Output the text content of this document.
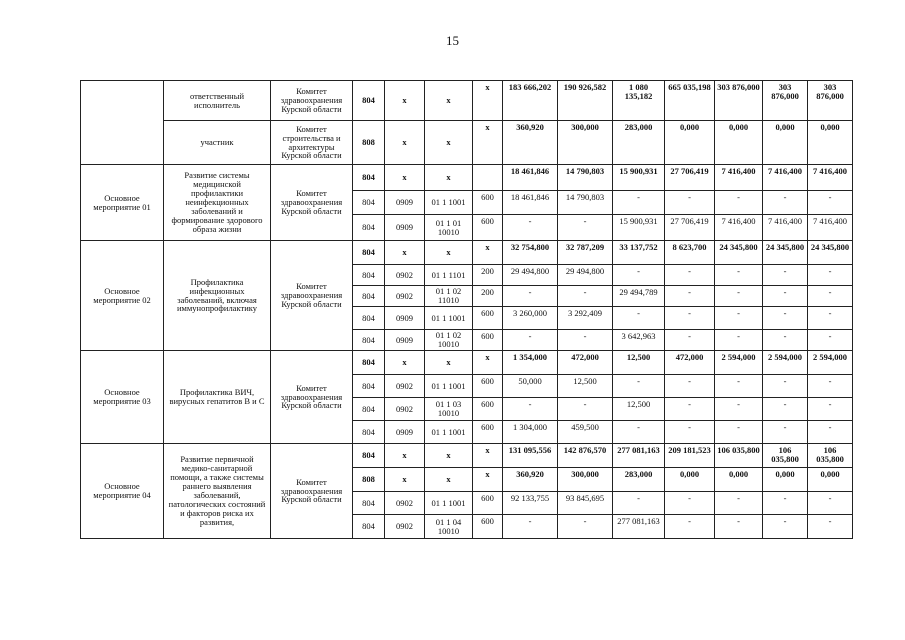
15
	ответственный исполнитель	Комитет здравоохранения Курской области	804	х	х	х	183 666,202	190 926,582	1 080 135,182	665 035,198	303 876,000	303 876,000	303 876,000
	участник	Комитет строительства и архитектуры Курской области	808	х	х	х	360,920	300,000	283,000	0,000	0,000	0,000	0,000
Основное мероприятие 01	Развитие системы медицинской профилактики неинфекционных заболеваний и формирование здорового образа жизни	Комитет здравоохранения Курской области	804	х	х		18 461,846	14 790,803	15 900,931	27 706,419	7 416,400	7 416,400	7 416,400
			804	0909	01 1 1001	600	18 461,846	14 790,803	-	-	-	-	-
			804	0909	01 1 01 10010	600	-	-	15 900,931	27 706,419	7 416,400	7 416,400	7 416,400
Основное мероприятие 02	Профилактика инфекционных заболеваний, включая иммунопрофилактику	Комитет здравоохранения Курской области	804	х	х	х	32 754,800	32 787,209	33 137,752	8 623,700	24 345,800	24 345,800	24 345,800
			804	0902	01 1 1101	200	29 494,800	29 494,800	-	-	-	-	-
			804	0902	01 1 02 11010	200	-	-	29 494,789	-	-	-	-
			804	0909	01 1 1001	600	3 260,000	3 292,409	-	-	-	-	-
			804	0909	01 1 02 10010	600	-	-	3 642,963	-	-	-	-
Основное мероприятие 03	Профилактика ВИЧ, вирусных гепатитов В и С	Комитет здравоохранения Курской области	804	х	х	х	1 354,000	472,000	12,500	472,000	2 594,000	2 594,000	2 594,000
			804	0902	01 1 1001	600	50,000	12,500	-	-	-	-	-
			804	0902	01 1 03 10010	600	-	-	12,500	-	-	-	-
			804	0909	01 1 1001	600	1 304,000	459,500	-	-	-	-	-
Основное мероприятие 04	Развитие первичной медико-санитарной помощи, а также системы раннего выявления заболеваний, патологических состояний и факторов риска их развития,	Комитет здравоохранения Курской области	804	х	х	х	131 095,556	142 876,570	277 081,163	209 181,523	106 035,800	106 035,800	106 035,800
			808	х	х	х	360,920	300,000	283,000	0,000	0,000	0,000	0,000
			804	0902	01 1 1001	600	92 133,755	93 845,695	-	-	-	-	-
			804	0902	01 1 04 10010	600	-	-	277 081,163	-	-	-	-
